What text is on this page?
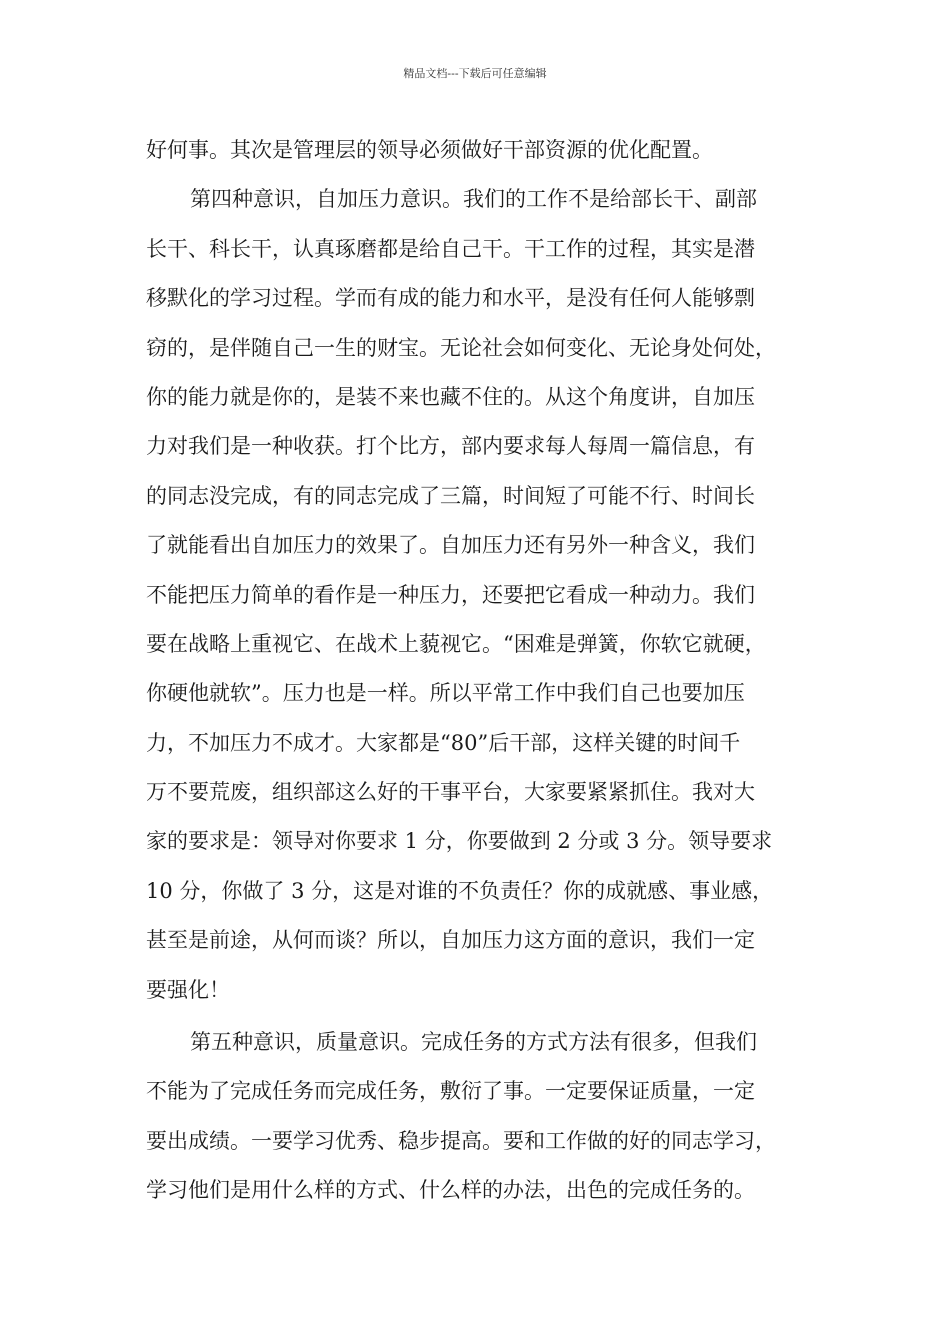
精品文档---下载后可任意编辑
好何事。其次是管理层的领导必须做好干部资源的优化配置。
第四种意识，自加压力意识。我们的工作不是给部长干、副部
长干、科长干，认真琢磨都是给自己干。干工作的过程，其实是潜
移默化的学习过程。学而有成的能力和水平，是没有任何人能够剽
窃的，是伴随自己一生的财宝。无论社会如何变化、无论身处何处，
你的能力就是你的，是装不来也藏不住的。从这个角度讲，自加压
力对我们是一种收获。打个比方，部内要求每人每周一篇信息，有
的同志没完成，有的同志完成了三篇，时间短了可能不行、时间长
了就能看出自加压力的效果了。自加压力还有另外一种含义，我们
不能把压力简单的看作是一种压力，还要把它看成一种动力。我们
要在战略上重视它、在战术上藐视它。“困难是弹簧，你软它就硬，
你硬他就软”。压力也是一样。所以平常工作中我们自己也要加压
力，不加压力不成才。大家都是“80”后干部，这样关键的时间千
万不要荒废，组织部这么好的干事平台，大家要紧紧抓住。我对大
家的要求是：领导对你要求 1 分，你要做到 2 分或 3 分。领导要求
10 分，你做了 3 分，这是对谁的不负责任？你的成就感、事业感，
甚至是前途，从何而谈？所以，自加压力这方面的意识，我们一定
要强化！
第五种意识，质量意识。完成任务的方式方法有很多，但我们
不能为了完成任务而完成任务，敷衍了事。一定要保证质量，一定
要出成绩。一要学习优秀、稳步提高。要和工作做的好的同志学习，
学习他们是用什么样的方式、什么样的办法，出色的完成任务的。
